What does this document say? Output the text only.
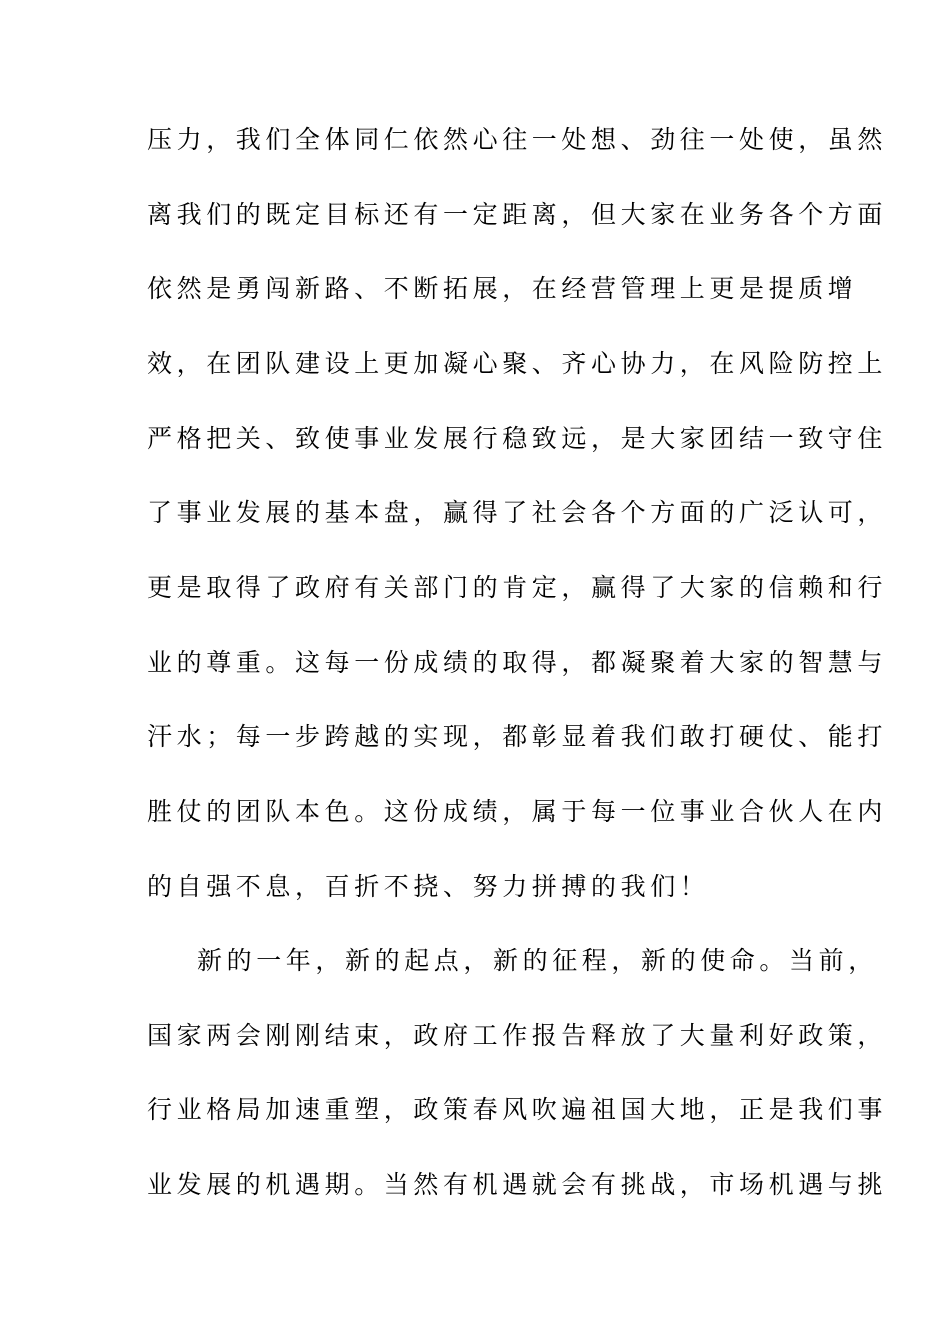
压力，我们全体同仁依然心往一处想、劲往一处使，虽然
离我们的既定目标还有一定距离，但大家在业务各个方面
依然是勇闯新路、不断拓展，在经营管理上更是提质增
效，在团队建设上更加凝心聚、齐心协力，在风险防控上
严格把关、致使事业发展行稳致远，是大家团结一致守住
了事业发展的基本盘，赢得了社会各个方面的广泛认可，
更是取得了政府有关部门的肯定，赢得了大家的信赖和行
业的尊重。这每一份成绩的取得，都凝聚着大家的智慧与
汗水；每一步跨越的实现，都彰显着我们敢打硬仗、能打
胜仗的团队本色。这份成绩，属于每一位事业合伙人在内
的自强不息，百折不挠、努力拼搏的我们！
新的一年，新的起点，新的征程，新的使命。当前，
国家两会刚刚结束，政府工作报告释放了大量利好政策，
行业格局加速重塑，政策春风吹遍祖国大地，正是我们事
业发展的机遇期。当然有机遇就会有挑战，市场机遇与挑
